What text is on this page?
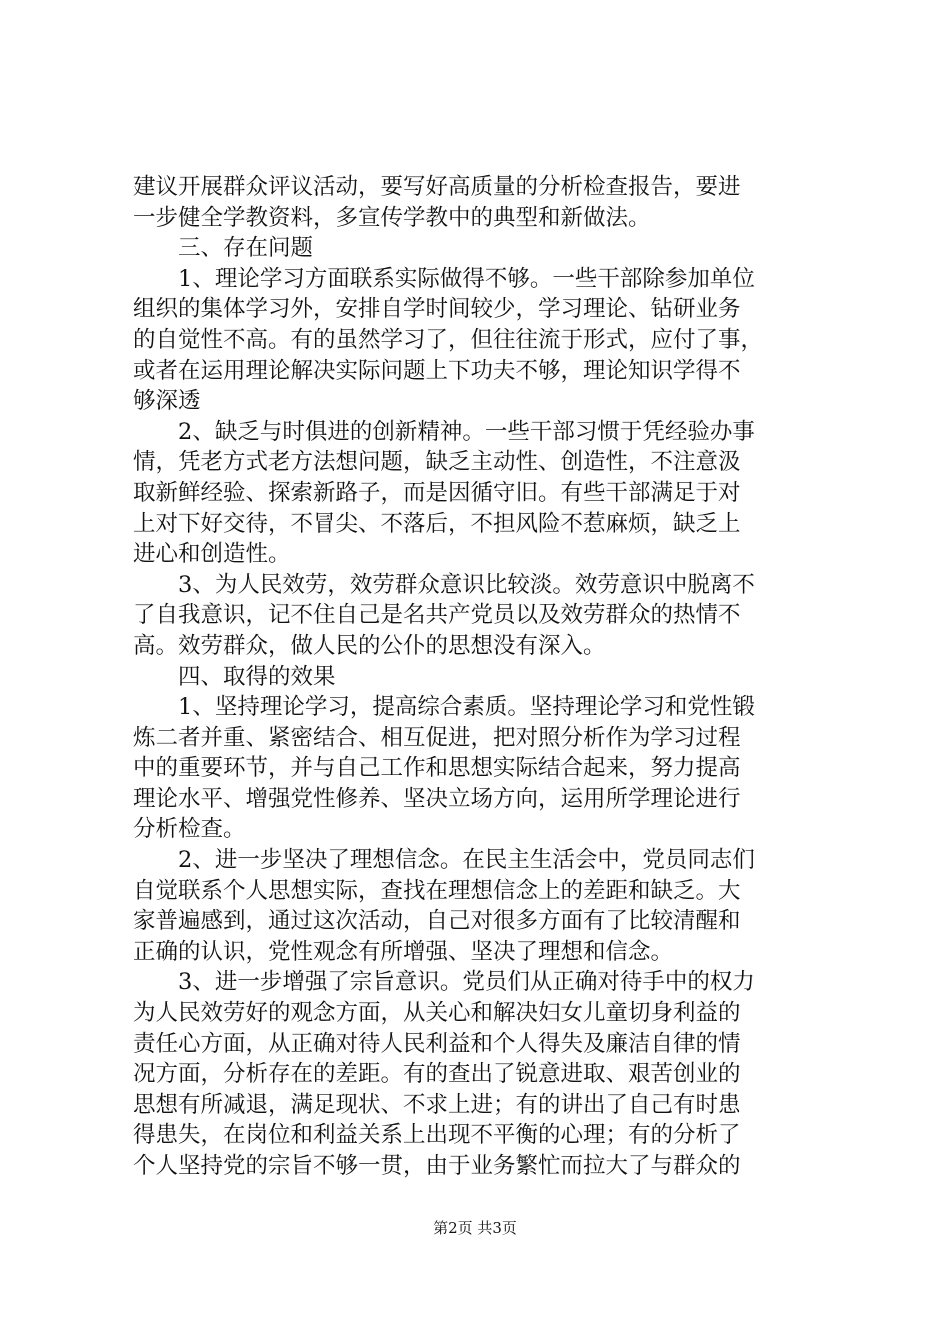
建议开展群众评议活动，要写好高质量的分析检查报告，要进
一步健全学教资料，多宣传学教中的典型和新做法。
　　三、存在问题
　　1、理论学习方面联系实际做得不够。一些干部除参加单位
组织的集体学习外，安排自学时间较少，学习理论、钻研业务
的自觉性不高。有的虽然学习了，但往往流于形式，应付了事，
或者在运用理论解决实际问题上下功夫不够，理论知识学得不
够深透
　　2、缺乏与时俱进的创新精神。一些干部习惯于凭经验办事
情，凭老方式老方法想问题，缺乏主动性、创造性，不注意汲
取新鲜经验、探索新路子，而是因循守旧。有些干部满足于对
上对下好交待，不冒尖、不落后，不担风险不惹麻烦，缺乏上
进心和创造性。
　　3、为人民效劳，效劳群众意识比较淡。效劳意识中脱离不
了自我意识，记不住自己是名共产党员以及效劳群众的热情不
高。效劳群众，做人民的公仆的思想没有深入。
　　四、取得的效果
　　1、坚持理论学习，提高综合素质。坚持理论学习和党性锻
炼二者并重、紧密结合、相互促进，把对照分析作为学习过程
中的重要环节，并与自己工作和思想实际结合起来，努力提高
理论水平、增强党性修养、坚决立场方向，运用所学理论进行
分析检查。
　　2、进一步坚决了理想信念。在民主生活会中，党员同志们
自觉联系个人思想实际，查找在理想信念上的差距和缺乏。大
家普遍感到，通过这次活动，自己对很多方面有了比较清醒和
正确的认识，党性观念有所增强、坚决了理想和信念。
　　3、进一步增强了宗旨意识。党员们从正确对待手中的权力
为人民效劳好的观念方面，从关心和解决妇女儿童切身利益的
责任心方面，从正确对待人民利益和个人得失及廉洁自律的情
况方面，分析存在的差距。有的查出了锐意进取、艰苦创业的
思想有所减退，满足现状、不求上进；有的讲出了自己有时患
得患失，在岗位和利益关系上出现不平衡的心理；有的分析了
个人坚持党的宗旨不够一贯，由于业务繁忙而拉大了与群众的
第2页 共3页
